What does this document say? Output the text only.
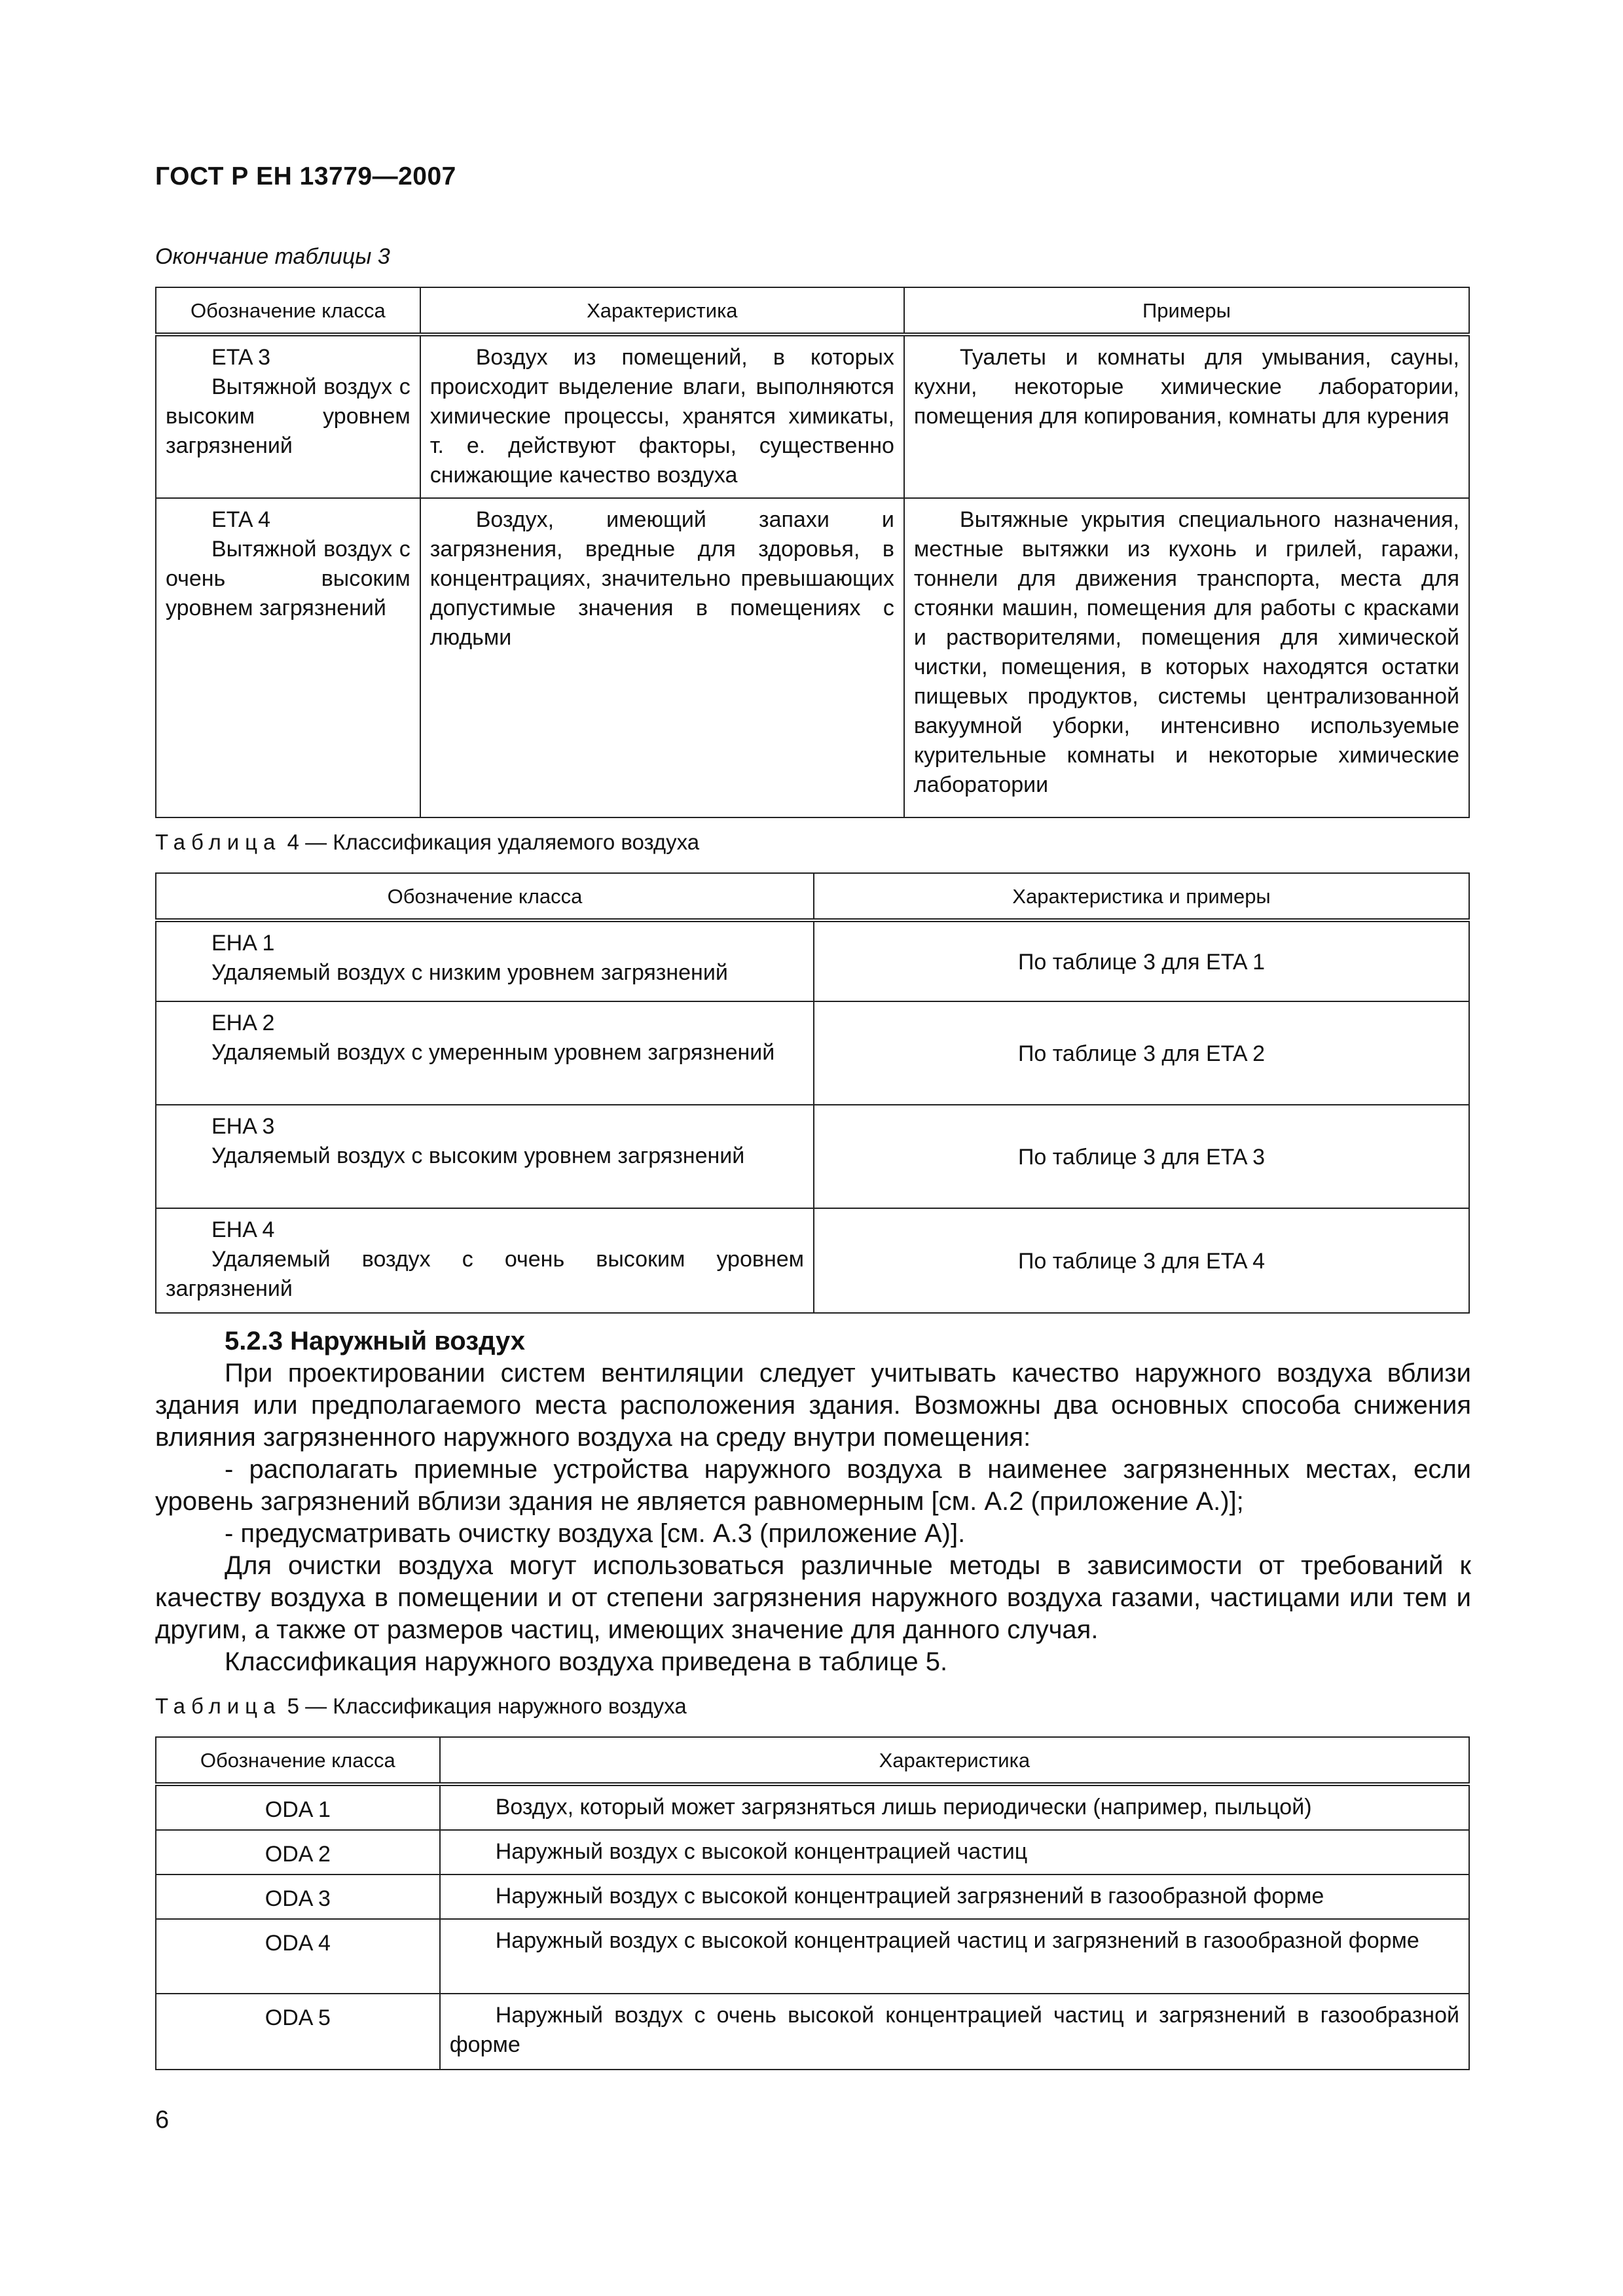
ГОСТ Р ЕН 13779—2007
Окончание таблицы 3
Обозначение класса	Характеристика	Примеры

ETA 3
Вытяжной воздух с высоким уровнем загрязнений	Воздух из помещений, в которых происходит выделение влаги, выполняются химические процессы, хранятся химикаты, т. е. действуют факторы, существенно снижающие качество воздуха	Туалеты и комнаты для умывания, сауны, кухни, некоторые химические лаборатории, помещения для копирования, комнаты для курения

ETA 4
Вытяжной воздух с очень высоким уровнем загрязнений	Воздух, имеющий запахи и загрязнения, вредные для здоровья, в концентрациях, значительно превышающих допустимые значения в помещениях с людьми	Вытяжные укрытия специального назначения, местные вытяжки из кухонь и грилей, гаражи, тоннели для движения транспорта, места для стоянки машин, помещения для работы с красками и растворителями, помещения для химической чистки, помещения, в которых находятся остатки пищевых продуктов, системы централизованной вакуумной уборки, интенсивно используемые курительные комнаты и некоторые химические лаборатории
Таблица 4 — Классификация удаляемого воздуха
Обозначение класса	Характеристика и примеры

EHA 1
Удаляемый воздух с низким уровнем загрязнений	По таблице 3 для ETA 1

EHA 2
Удаляемый воздух с умеренным уровнем загрязнений	По таблице 3 для ETA 2

EHA 3
Удаляемый воздух с высоким уровнем загрязнений	По таблице 3 для ETA 3

EHA 4
Удаляемый воздух с очень высоким уровнем загрязнений	По таблице 3 для ETA 4
5.2.3 Наружный воздух

При проектировании систем вентиляции следует учитывать качество наружного воздуха вблизи здания или предполагаемого места расположения здания. Возможны два основных способа снижения влияния загрязненного наружного воздуха на среду внутри помещения:

- располагать приемные устройства наружного воздуха в наименее загрязненных местах, если уровень загрязнений вблизи здания не является равномерным [см. А.2 (приложение А.)];

- предусматривать очистку воздуха [см. А.3 (приложение А)].

Для очистки воздуха могут использоваться различные методы в зависимости от требований к качеству воздуха в помещении и от степени загрязнения наружного воздуха газами, частицами или тем и другим, а также от размеров частиц, имеющих значение для данного случая.

Классификация наружного воздуха приведена в таблице 5.

Таблица 5 — Классификация наружного воздуха
Обозначение класса	Характеристика
ODA 1	Воздух, который может загрязняться лишь периодически (например, пыльцой)
ODA 2	Наружный воздух с высокой концентрацией частиц
ODA 3	Наружный воздух с высокой концентрацией загрязнений в газообразной форме
ODA 4	Наружный воздух с высокой концентрацией частиц и загрязнений в газообразной форме
ODA 5	Наружный воздух с очень высокой концентрацией частиц и загрязнений в газообразной форме
6
